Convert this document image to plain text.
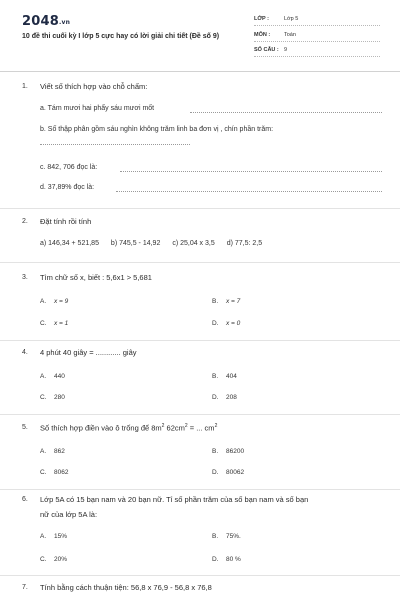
2048.vn
10 đề thi cuối kỳ I lớp 5 cực hay có lời giải chi tiết (Đề số 9)
LỚP :	Lớp 5
MÔN :	Toán
SỐ CÂU : 9
1. Viết số thích hợp vào chỗ chấm:
a. Tám mươi hai phẩy sáu mươi mốt
b. Số thập phân gồm sáu nghìn không trăm linh ba đơn vị , chín phần trăm:
c. 842, 706 đọc là:
d. 37,89% đọc là:
2. Đặt tính rồi tính
a) 146,34 + 521,85 b) 745,5 - 14,92 c) 25,04 x 3,5 d) 77,5: 2,5
3. Tìm chữ số x, biết : 5,6x1 > 5,681
A. x = 9	B. x = 7
C. x = 1	D. x = 0
4. 4 phút 40 giây = ............ giây
A. 440	B. 404
C. 280	D. 208
5. Số thích hợp điền vào ô trống để $8m^2$ $62cm^2$ = ... $cm^2$
A. 862	B. 86200
C. 8062	D. 80062
6. Lớp 5A có 15 bạn nam và 20 bạn nữ. Tỉ số phần trăm của số bạn nam và số bạn
nữ của lớp 5A là:
A. 15%	B. 75%.
C. 20%	D. 80 %
7. Tính bằng cách thuận tiện: 56,8 x 76,9 - 56,8 x 76,8
